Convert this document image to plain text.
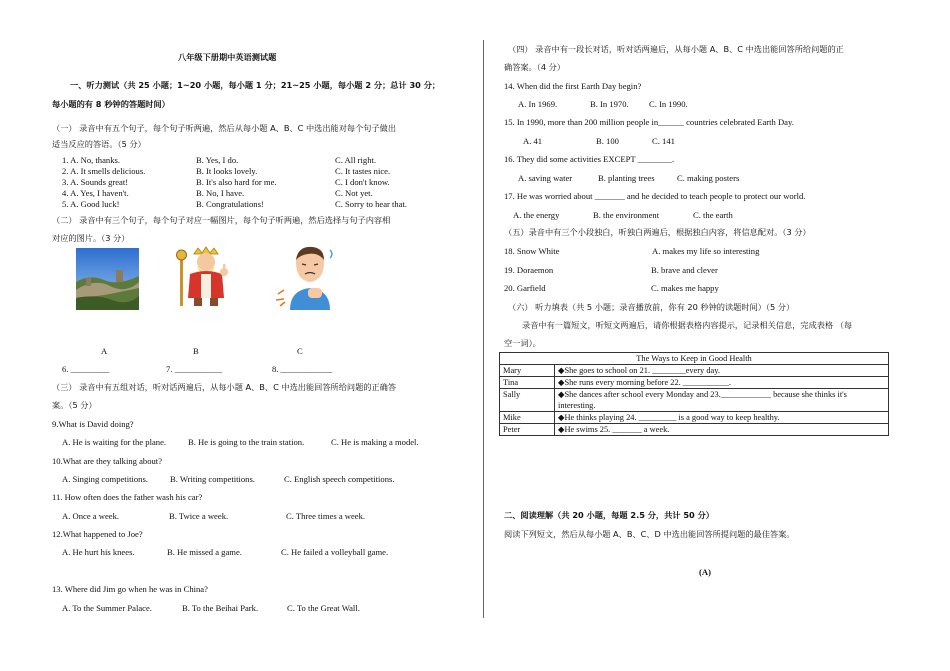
八年级下册期中英语测试题
一、听力测试（共 25 小题；1~20 小题，每小题 1 分；21~25 小题，每小题 2 分；总计 30 分；
每小题的有 8 秒钟的答题时间）
（一） 录音中有五个句子，每个句子听两遍，然后从每小题 A、B、C 中选出能对每个句子做出
适当反应的答语。（5 分）
1. A. No, thanks.	B. Yes, I do.	C. All right.
2. A. It smells delicious.	B. It looks lovely.	C. It tastes nice.
3. A. Sounds great!	B. It's also hard for me.	C. I don't know.
4. A. Yes, I haven't.	B. No, I have.	C. Not yet.
5. A. Good luck!	B. Congratulations!	C. Sorry to hear that.
（二） 录音中有三个句子，每个句子对应一幅图片，每个句子听两遍，然后选择与句子内容相
对应的图片。（3 分）
A	B	C
6. _________	7. ___________	8. ____________
（三） 录音中有五组对话，听对话两遍后，从每小题 A、B、C 中选出能回答所给问题的正确答
案。（5 分）
9.What is David doing?
A. He is waiting for the plane.	B. He is going to the train station.	C. He is making a model.
10.What are they talking about?
A. Singing competitions.	B. Writing competitions.	C. English speech competitions.
11. How often does the father wash his car?
A. Once a week.	B. Twice a week.	C. Three times a week.
12.What happened to Joe?
A. He hurt his knees.	B. He missed a game.	C. He failed a volleyball game.
13. Where did Jim go when he was in China?
A. To the Summer Palace.	B. To the Beihai Park.	C. To the Great Wall.
（四） 录音中有一段长对话，听对话两遍后，从每小题 A、B、C 中选出能回答所给问题的正
确答案。（4 分）
14. When did the first Earth Day begin?
A. In 1969.	B. In 1970. C. In 1990.
15. In 1990, more than 200 million people in______ countries celebrated Earth Day.
A. 41	B. 100	C. 141
16. They did some activities EXCEPT ________.
A. saving water	B. planting trees	C. making posters
17. He was worried about _______ and he decided to teach people to protect our world.
A. the energy	B. the environment	C. the earth
（五）录音中有三个小段独白，听独白两遍后，根据独白内容，将信息配对。（3 分）
18. Snow White	A. makes my life so interesting
19. Doraemon	B. brave and clever
20. Garfield	C. makes me happy
（六） 听力填表（共 5 小题；录音播放前，你有 20 秒钟的读题时间）（5 分）
录音中有一篇短文，听短文两遍后，请你根据表格内容提示，记录相关信息，完成表格 （每
空一词）。
The Ways to Keep in Good Health	
Mary	◆She goes to school on 21. ________every day.
Tina	◆She runs every morning before 22. ___________.
Sally	◆She dances after school every Monday and 23.____________ because she thinks it's interesting.
Mike	◆He thinks playing 24. _________ is a good way to keep healthy.
Peter	◆He swims 25. _______ a week.
二、阅读理解（共 20 小题，每题 2.5 分，共计 50 分）
阅读下列短文，然后从每小题 A、B、C、D 中选出能回答所提问题的最佳答案。
(A)
